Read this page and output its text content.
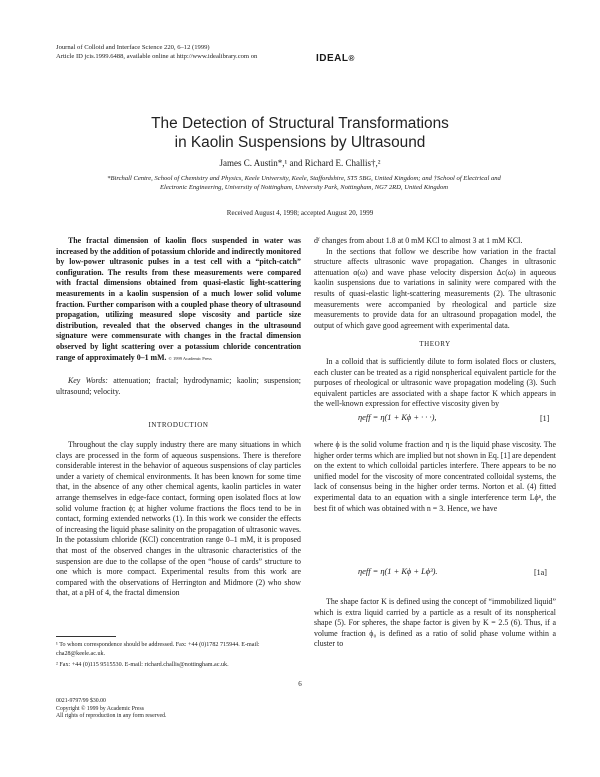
Journal of Colloid and Interface Science 220, 6–12 (1999)
Article ID jcis.1999.6488, available online at http://www.idealibrary.com on	IDEAL®
The Detection of Structural Transformations
in Kaolin Suspensions by Ultrasound
James C. Austin*,¹ and Richard E. Challis†,²
*Birchall Centre, School of Chemistry and Physics, Keele University, Keele, Staffordshire, ST5 5BG, United Kingdom; and †School of Electrical and
Electronic Engineering, University of Nottingham, University Park, Nottingham, NG7 2RD, United Kingdom
Received August 4, 1998; accepted August 20, 1999

The fractal dimension of kaolin flocs suspended in water was increased by the addition of potassium chloride and indirectly monitored by low-power ultrasonic pulses in a test cell with a “pitch-catch” configuration. The results from these measurements were compared with fractal dimensions obtained from quasi-elastic light-scattering measurements in a kaolin suspension of a much lower solid volume fraction. Further comparison with a coupled phase theory of ultrasound propagation, utilizing measured slope viscosity and particle size distribution, revealed that the observed changes in the ultrasound signature were commensurate with changes in the fractal dimension observed by light scattering over a potassium chloride concentration range of approximately 0–1 mM. © 1999 Academic Press

Key Words: attenuation; fractal; hydrodynamic; kaolin; suspension; ultrasound; velocity.
INTRODUCTION

Throughout the clay supply industry there are many situations in which clays are processed in the form of aqueous suspensions. There is therefore considerable interest in the behavior of aqueous suspensions of clay particles under a variety of chemical environments. It has been known for some time that, in the absence of any other chemical agents, kaolin particles in water arrange themselves in edge-face contact, forming open isolated flocs at low solid volume fraction ϕ; at higher volume fractions the flocs tend to be in contact, forming extended networks (1). In this work we consider the effects of increasing the liquid phase salinity on the propagation of ultrasonic waves. In the potassium chloride (KCl) concentration range 0–1 mM, it is proposed that most of the observed changes in the ultrasonic characteristics of the suspension are due to the collapse of the open “house of cards” structure to one which is more compact. Experimental results from this work are compared with the observations of Herrington and Midmore (2) who show that, at a pH of 4, the fractal dimension

dᶠ changes from about 1.8 at 0 mM KCl to almost 3 at 1 mM KCl.

In the sections that follow we describe how variation in the fractal structure affects ultrasonic wave propagation. Changes in ultrasonic attenuation α(ω) and wave phase velocity dispersion Δc(ω) in aqueous kaolin suspensions due to variations in salinity were compared with the results of quasi-elastic light-scattering measurements (2). The ultrasonic measurements were accompanied by rheological and particle size measurements to provide data for an ultrasound propagation model, the output of which gave good agreement with experimental data.

THEORY

In a colloid that is sufficiently dilute to form isolated flocs or clusters, each cluster can be treated as a rigid nonspherical equivalent particle for the purposes of rheological or ultrasonic wave propagation modeling (3). Such equivalent particles are associated with a shape factor K which appears in the well-known expression for effective viscosity given by

ηeff = η(1 + Kϕ + · · ·),	[1]

where ϕ is the solid volume fraction and η is the liquid phase viscosity. The higher order terms which are implied but not shown in Eq. [1] are dependent on the extent to which colloidal particles interfere. There appears to be no unified model for the viscosity of more concentrated colloidal systems, the lack of consensus being in the higher order terms. Norton et al. (4) fitted experimental data to an equation with a single interference term Lϕⁿ, the best fit of which was obtained with n = 3. Hence, we have

ηeff = η(1 + Kϕ + Lϕ³).	[1a]

The shape factor K is defined using the concept of “immobilized liquid” which is extra liquid carried by a particle as a result of its nonspherical shape (5). For spheres, the shape factor is given by K = 2.5 (6). Thus, if a volume fraction ϕ₀ is defined as a ratio of solid phase volume within a cluster to

¹ To whom correspondence should be addressed. Fax: +44 (0)1782 715944. E-mail: cha28@keele.ac.uk.
² Fax: +44 (0)115 9515530. E-mail: richard.challis@nottingham.ac.uk.
6
0021-9797/99 $30.00
Copyright © 1999 by Academic Press
All rights of reproduction in any form reserved.
